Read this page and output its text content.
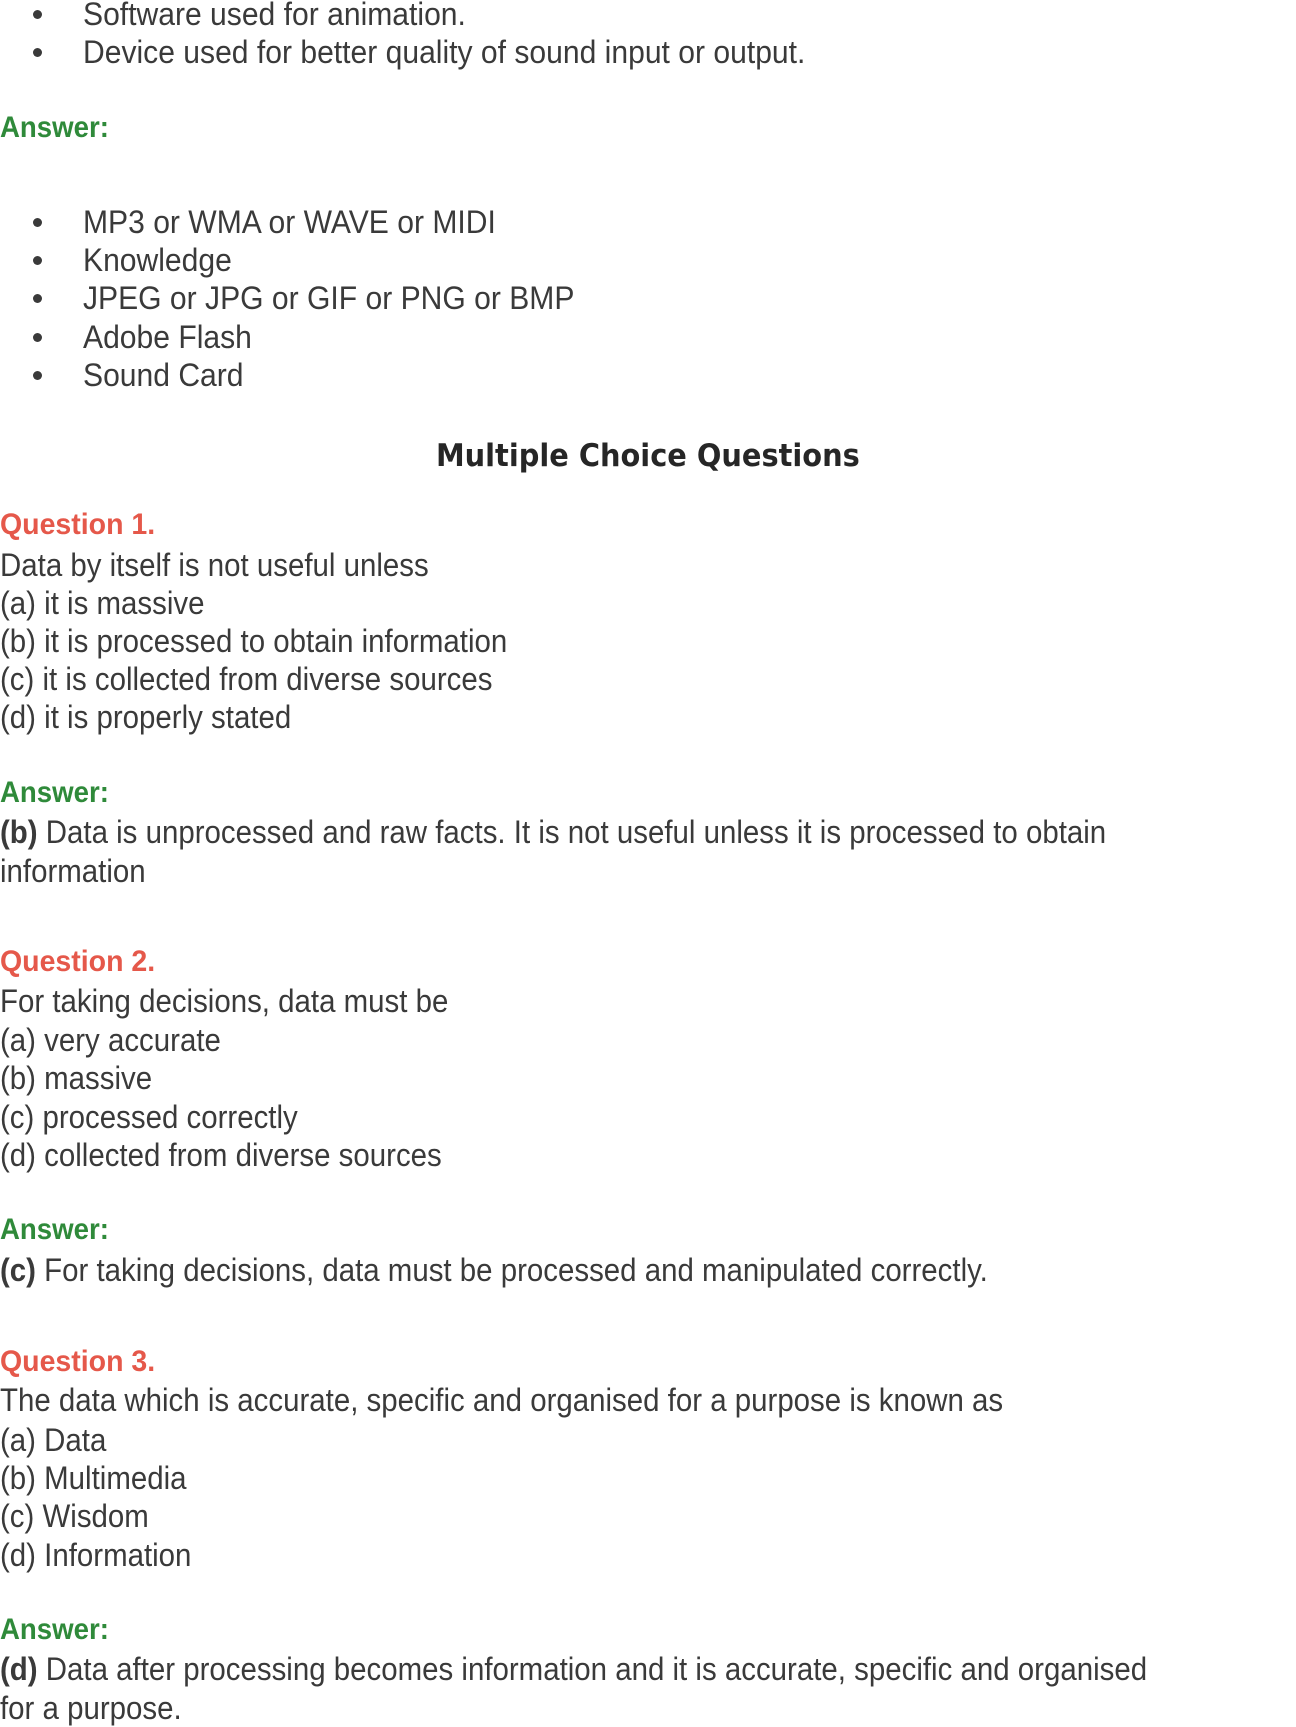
Software used for animation.
Device used for better quality of sound input or output.
Answer:
MP3 or WMA or WAVE or MIDI
Knowledge
JPEG or JPG or GIF or PNG or BMP
Adobe Flash
Sound Card
Multiple Choice Questions
Question 1.
Data by itself is not useful unless
(a) it is massive
(b) it is processed to obtain information
(c) it is collected from diverse sources
(d) it is properly stated
Answer:
(b) Data is unprocessed and raw facts. It is not useful unless it is processed to obtain
information
Question 2.
For taking decisions, data must be
(a) very accurate
(b) massive
(c) processed correctly
(d) collected from diverse sources
Answer:
(c) For taking decisions, data must be processed and manipulated correctly.
Question 3.
The data which is accurate, specific and organised for a purpose is known as
(a) Data
(b) Multimedia
(c) Wisdom
(d) Information
Answer:
(d) Data after processing becomes information and it is accurate, specific and organised
for a purpose.
